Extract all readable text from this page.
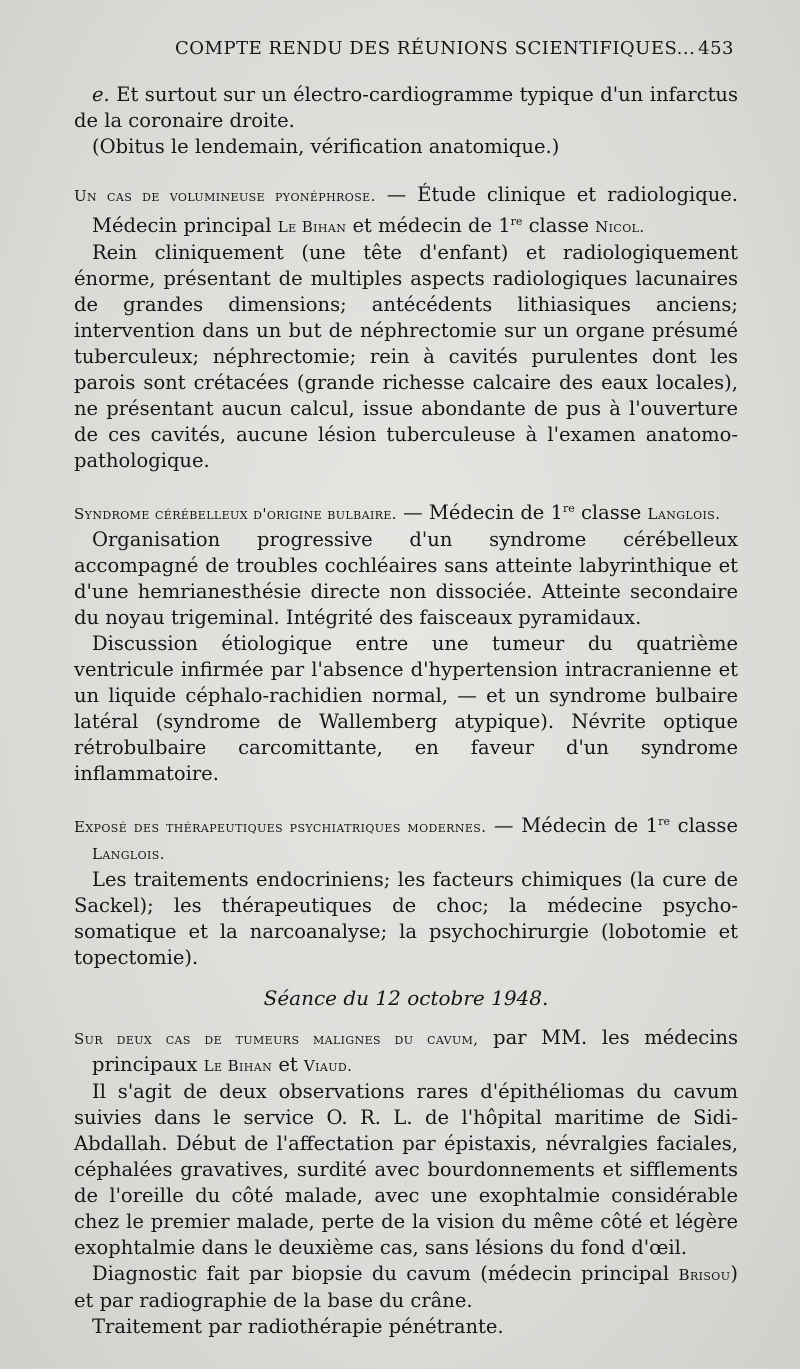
COMPTE RENDU DES RÉUNIONS SCIENTIFIQUES... 453

e. Et surtout sur un électro-cardiogramme typique d'un infarctus de la coronaire droite.

(Obitus le lendemain, vérification anatomique.)

Un cas de volumineuse pyonéphrose. — Étude clinique et radiologique. Médecin principal Le Bihan et médecin de 1re classe Nicol.

Rein cliniquement (une tête d'enfant) et radiologiquement énorme, présentant de multiples aspects radiologiques lacunaires de grandes dimensions; antécédents lithiasiques anciens; intervention dans un but de néphrectomie sur un organe présumé tuberculeux; néphrectomie; rein à cavités purulentes dont les parois sont crétacées (grande richesse calcaire des eaux locales), ne présentant aucun calcul, issue abondante de pus à l'ouverture de ces cavités, aucune lésion tuberculeuse à l'examen anatomo-pathologique.

Syndrome cérébelleux d'origine bulbaire. — Médecin de 1re classe Langlois.

Organisation progressive d'un syndrome cérébelleux accompagné de troubles cochléaires sans atteinte labyrinthique et d'une hemrianesthésie directe non dissociée. Atteinte secondaire du noyau trigeminal. Intégrité des faisceaux pyramidaux.

Discussion étiologique entre une tumeur du quatrième ventricule infirmée par l'absence d'hypertension intracranienne et un liquide céphalo-rachidien normal, — et un syndrome bulbaire latéral (syndrome de Wallemberg atypique). Névrite optique rétrobulbaire carcomittante, en faveur d'un syndrome inflammatoire.

Exposé des thérapeutiques psychiatriques modernes. — Médecin de 1re classe Langlois.

Les traitements endocriniens; les facteurs chimiques (la cure de Sackel); les thérapeutiques de choc; la médecine psycho-somatique et la narcoanalyse; la psychochirurgie (lobotomie et topectomie).

Séance du 12 octobre 1948.

Sur deux cas de tumeurs malignes du cavum, par MM. les médecins principaux Le Bihan et Viaud.

Il s'agit de deux observations rares d'épithéliomas du cavum suivies dans le service O. R. L. de l'hôpital maritime de Sidi-Abdallah. Début de l'affectation par épistaxis, névralgies faciales, céphalées gravatives, surdité avec bourdonnements et sifflements de l'oreille du côté malade, avec une exophtalmie considérable chez le premier malade, perte de la vision du même côté et légère exophtalmie dans le deuxième cas, sans lésions du fond d'œil.

Diagnostic fait par biopsie du cavum (médecin principal Brisou) et par radiographie de la base du crâne.

Traitement par radiothérapie pénétrante.
